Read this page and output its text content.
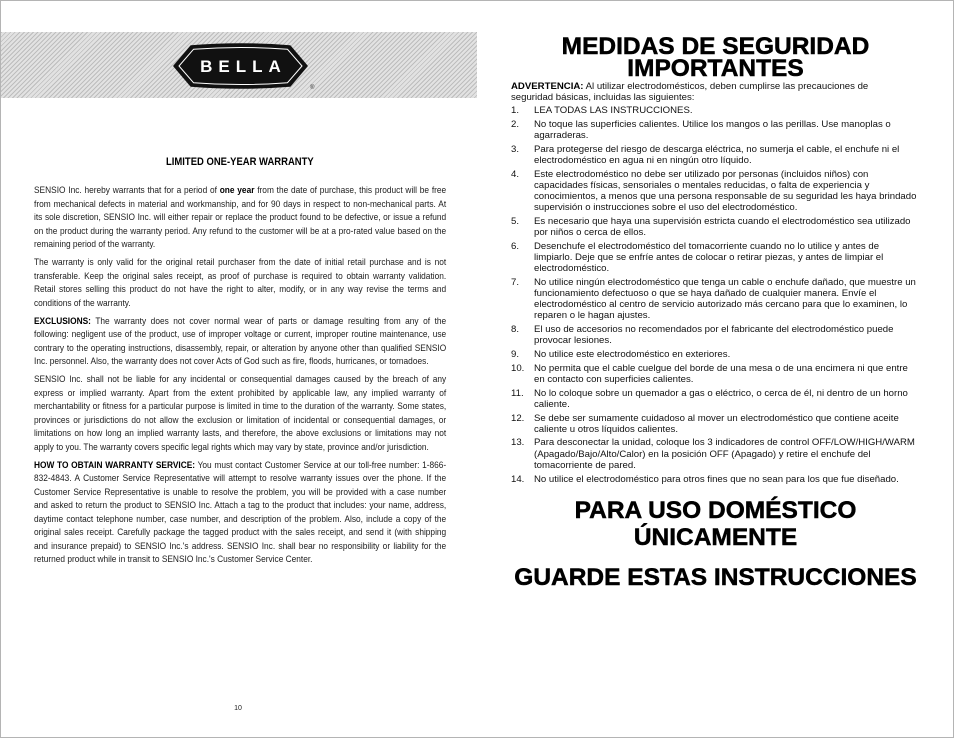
BELLA
®
LIMITED ONE-YEAR WARRANTY

SENSIO Inc. hereby warrants that for a period of one year from the date of purchase, this product will be free from mechanical defects in material and workmanship, and for 90 days in respect to non-mechanical parts. At its sole discretion, SENSIO Inc. will either repair or replace the product found to be defective, or issue a refund on the product during the warranty period. Any refund to the customer will be at a pro-rated value based on the remaining period of the warranty.

The warranty is only valid for the original retail purchaser from the date of initial retail purchase and is not transferable. Keep the original sales receipt, as proof of purchase is required to obtain warranty validation. Retail stores selling this product do not have the right to alter, modify, or in any way revise the terms and conditions of the warranty.

EXCLUSIONS: The warranty does not cover normal wear of parts or damage resulting from any of the following: negligent use of the product, use of improper voltage or current, improper routine maintenance, use contrary to the operating instructions, disassembly, repair, or alteration by anyone other than qualified SENSIO Inc. personnel. Also, the warranty does not cover Acts of God such as fire, floods, hurricanes, or tornadoes.

SENSIO Inc. shall not be liable for any incidental or consequential damages caused by the breach of any express or implied warranty. Apart from the extent prohibited by applicable law, any implied warranty of merchantability or fitness for a particular purpose is limited in time to the duration of the warranty. Some states, provinces or jurisdictions do not allow the exclusion or limitation of incidental or consequential damages, or limitations on how long an implied warranty lasts, and therefore, the above exclusions or limitations may not apply to you. The warranty covers specific legal rights which may vary by state, province and/or jurisdiction.

HOW TO OBTAIN WARRANTY SERVICE: You must contact Customer Service at our toll-free number: 1-866-832-4843. A Customer Service Representative will attempt to resolve warranty issues over the phone. If the Customer Service Representative is unable to resolve the problem, you will be provided with a case number and asked to return the product to SENSIO Inc. Attach a tag to the product that includes: your name, address, daytime contact telephone number, case number, and description of the problem. Also, include a copy of the original sales receipt. Carefully package the tagged product with the sales receipt, and send it (with shipping and insurance prepaid) to SENSIO Inc.'s address. SENSIO Inc. shall bear no responsibility or liability for the returned product while in transit to SENSIO Inc.'s Customer Service Center.

10
MEDIDAS DE SEGURIDAD
IMPORTANTES
ADVERTENCIA: Al utilizar electrodomésticos, deben cumplirse las precauciones de seguridad básicas, incluidas las siguientes:
1.	LEA TODAS LAS INSTRUCCIONES.
2.	No toque las superficies calientes. Utilice los mangos o las perillas. Use manoplas o agarraderas.
3.	Para protegerse del riesgo de descarga eléctrica, no sumerja el cable, el enchufe ni el electrodoméstico en agua ni en ningún otro líquido.
4.	Este electrodoméstico no debe ser utilizado por personas (incluidos niños) con capacidades físicas, sensoriales o mentales reducidas, o falta de experiencia y conocimientos, a menos que una persona responsable de su seguridad les haya brindado supervisión o instrucciones sobre el uso del electrodoméstico.
5.	Es necesario que haya una supervisión estricta cuando el electrodoméstico sea utilizado por niños o cerca de ellos.
6.	Desenchufe el electrodoméstico del tomacorriente cuando no lo utilice y antes de limpiarlo. Deje que se enfríe antes de colocar o retirar piezas, y antes de limpiar el electrodoméstico.
7.	No utilice ningún electrodoméstico que tenga un cable o enchufe dañado, que muestre un funcionamiento defectuoso o que se haya dañado de cualquier manera. Envíe el electrodoméstico al centro de servicio autorizado más cercano para que lo examinen, lo reparen o le hagan ajustes.
8.	El uso de accesorios no recomendados por el fabricante del electrodoméstico puede provocar lesiones.
9.	No utilice este electrodoméstico en exteriores.
10.	No permita que el cable cuelgue del borde de una mesa o de una encimera ni que entre en contacto con superficies calientes.
11.	No lo coloque sobre un quemador a gas o eléctrico, o cerca de él, ni dentro de un horno caliente.
12.	Se debe ser sumamente cuidadoso al mover un electrodoméstico que contiene aceite caliente u otros líquidos calientes.
13.	Para desconectar la unidad, coloque los 3 indicadores de control OFF/LOW/HIGH/​WARM (Apagado/Bajo/Alto/Calor) en la posición OFF (Apagado) y retire el enchufe del tomacorriente de pared.
14.	No utilice el electrodoméstico para otros fines que no sean para los que fue diseñado.
PARA USO DOMÉSTICO
ÚNICAMENTE
GUARDE ESTAS INSTRUCCIONES
